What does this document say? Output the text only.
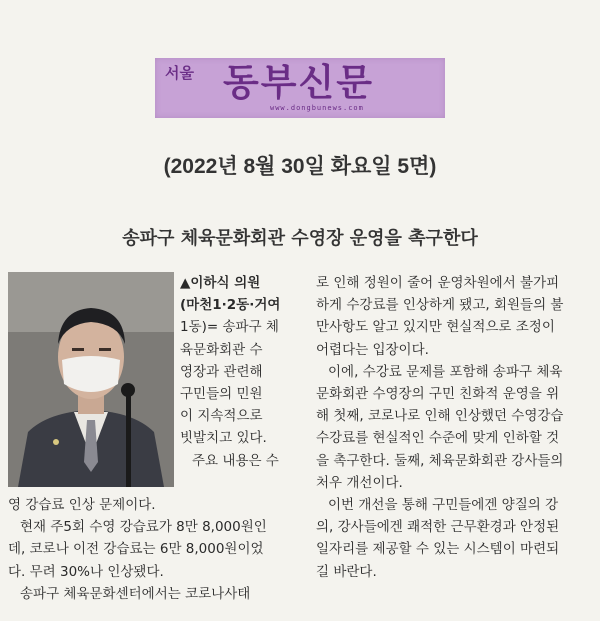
서울 동부신문
www.dongbunews.com
(2022년 8월 30일 화요일 5면)
송파구 체육문화회관 수영장 운영을 촉구한다
▲이하식 의원
(마천1·2동·거여
1동)= 송파구 체
육문화회관 수
영장과 관련해
구민들의 민원
이 지속적으로
빗발치고 있다.
주요 내용은 수
영 강습료 인상 문제이다.
현재 주5회 수영 강습료가 8만 8,000원인
데, 코로나 이전 강습료는 6만 8,000원이었
다. 무려 30%나 인상됐다.
송파구 체육문화센터에서는 코로나사태
로 인해 정원이 줄어 운영차원에서 불가피
하게 수강료를 인상하게 됐고, 회원들의 불
만사항도 알고 있지만 현실적으로 조정이
어렵다는 입장이다.
이에, 수강료 문제를 포함해 송파구 체육
문화회관 수영장의 구민 친화적 운영을 위
해 첫째, 코로나로 인해 인상했던 수영강습
수강료를 현실적인 수준에 맞게 인하할 것
을 촉구한다. 둘째, 체육문화회관 강사들의
처우 개선이다.
이번 개선을 통해 구민들에겐 양질의 강
의, 강사들에겐 쾌적한 근무환경과 안정된
일자리를 제공할 수 있는 시스템이 마련되
길 바란다.
